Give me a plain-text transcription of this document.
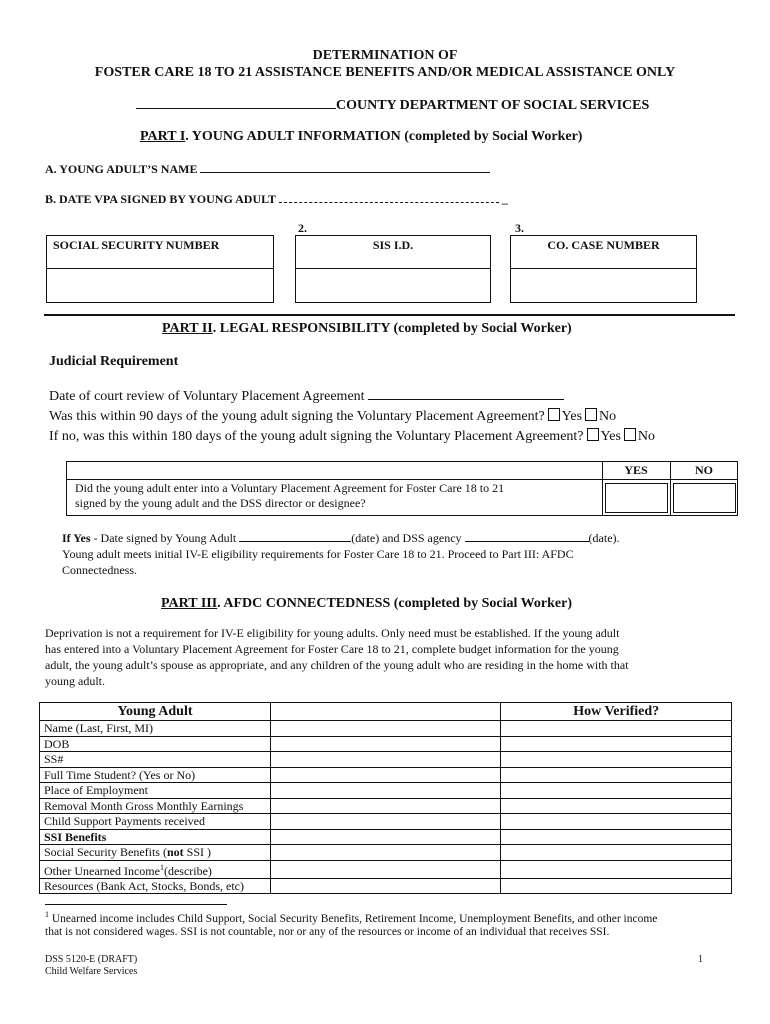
DETERMINATION OF
FOSTER CARE 18 TO 21 ASSISTANCE BENEFITS AND/OR MEDICAL ASSISTANCE ONLY
COUNTY DEPARTMENT OF SOCIAL SERVICES
PART I. YOUNG ADULT INFORMATION (completed by Social Worker)
A. YOUNG ADULT’S NAME
B. DATE VPA SIGNED BY YOUNG ADULT	_
2.	3.
SOCIAL SECURITY NUMBER	SIS I.D.	CO. CASE NUMBER
PART II. LEGAL RESPONSIBILITY (completed by Social Worker)
Judicial Requirement
Date of court review of Voluntary Placement Agreement
Was this within 90 days of the young adult signing the Voluntary Placement Agreement? Yes No
If no, was this within 180 days of the young adult signing the Voluntary Placement Agreement? Yes No
YES	NO
Did the young adult enter into a Voluntary Placement Agreement for Foster Care 18 to 21
signed by the young adult and the DSS director or designee?
If Yes - Date signed by Young Adult	(date) and DSS agency	(date).
Young adult meets initial IV-E eligibility requirements for Foster Care 18 to 21. Proceed to Part III: AFDC
Connectedness.
PART III. AFDC CONNECTEDNESS (completed by Social Worker)
Deprivation is not a requirement for IV-E eligibility for young adults. Only need must be established. If the young adult
has entered into a Voluntary Placement Agreement for Foster Care 18 to 21, complete budget information for the young
adult, the young adult’s spouse as appropriate, and any children of the young adult who are residing in the home with that
young adult.
Young Adult		How Verified?
Name (Last, First, MI)		
DOB		
SS#		
Full Time Student? (Yes or No)		
Place of Employment		
Removal Month Gross Monthly Earnings		
Child Support Payments received		
SSI Benefits		
Social Security Benefits (not SSI )		
Other Unearned Income$^1$(describe)		
Resources (Bank Act, Stocks, Bonds, etc)		
$^1$ Unearned income includes Child Support, Social Security Benefits, Retirement Income, Unemployment Benefits, and other income
that is not considered wages. SSI is not countable, nor or any of the resources or income of an individual that receives SSI.
DSS 5120-E (DRAFT)
Child Welfare Services
1
